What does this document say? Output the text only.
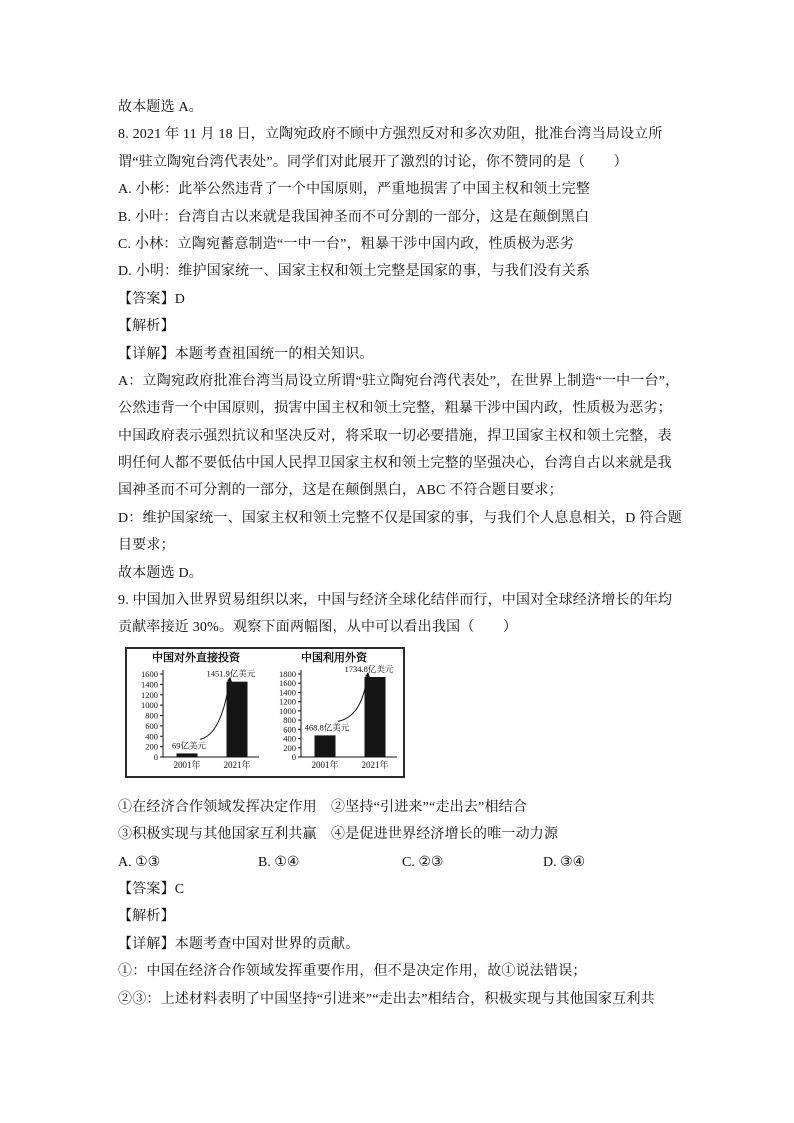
故本题选 A。

8. 2021 年 11 月 18 日，立陶宛政府不顾中方强烈反对和多次劝阻，批准台湾当局设立所

谓“驻立陶宛台湾代表处”。同学们对此展开了激烈的讨论，你不赞同的是（　　）

A. 小彬：此举公然违背了一个中国原则，严重地损害了中国主权和领土完整

B. 小叶：台湾自古以来就是我国神圣而不可分割的一部分，这是在颠倒黑白

C. 小林：立陶宛蓄意制造“一中一台”，粗暴干涉中国内政，性质极为恶劣

D. 小明：维护国家统一、国家主权和领土完整是国家的事，与我们没有关系

【答案】D

【解析】

【详解】本题考查祖国统一的相关知识。

A：立陶宛政府批准台湾当局设立所谓“驻立陶宛台湾代表处”，在世界上制造“一中一台”，

公然违背一个中国原则，损害中国主权和领土完整，粗暴干涉中国内政，性质极为恶劣；

中国政府表示强烈抗议和坚决反对，将采取一切必要措施，捍卫国家主权和领土完整，表

明任何人都不要低估中国人民捍卫国家主权和领土完整的坚强决心，台湾自古以来就是我

国神圣而不可分割的一部分，这是在颠倒黑白，ABC 不符合题目要求；

D：维护国家统一、国家主权和领土完整不仅是国家的事，与我们个人息息相关，D 符合题

目要求；

故本题选 D。

9. 中国加入世界贸易组织以来，中国与经济全球化结伴而行，中国对全球经济增长的年均

贡献率接近 30%。观察下面两幅图，从中可以看出我国（　　）

中国对外直接投资
0
200
400
600
800
1000
1200
1400
1600
69亿美元
2001年
1451.9亿美元
2021年
中国利用外资
0
200
400
600
800
1000
1200
1400
1600
1800
468.8亿美元
2001年
1734.8亿美元
2021年

①在经济合作领域发挥决定作用　②坚持“引进来”“走出去”相结合

③积极实现与其他国家互利共赢　④是促进世界经济增长的唯一动力源

A. ①③	B. ①④	C. ②③	D. ③④

【答案】C

【解析】

【详解】本题考查中国对世界的贡献。

①：中国在经济合作领域发挥重要作用，但不是决定作用，故①说法错误；

②③：上述材料表明了中国坚持“引进来”“走出去”相结合，积极实现与其他国家互利共
